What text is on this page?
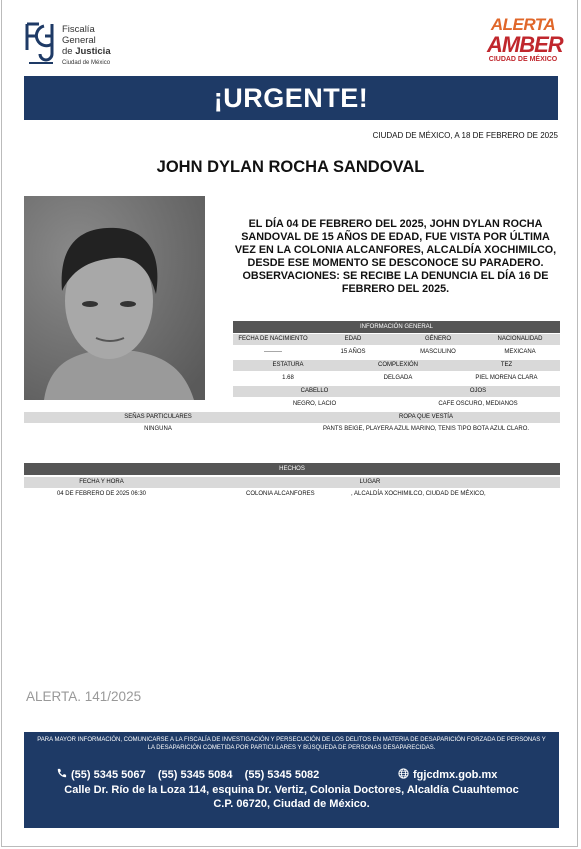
Fiscalía
General
de Justicia
Ciudad de México
ALERTA
AMBER
CIUDAD DE MÉXICO
¡URGENTE!
CIUDAD DE MÉXICO, A 18 DE FEBRERO DE 2025
JOHN DYLAN ROCHA SANDOVAL
EL DÍA 04 DE FEBRERO DEL 2025, JOHN DYLAN ROCHA SANDOVAL DE 15 AÑOS DE EDAD, FUE VISTA POR ÚLTIMA VEZ EN LA COLONIA ALCANFORES, ALCALDÍA XOCHIMILCO, DESDE ESE MOMENTO SE DESCONOCE SU PARADERO. OBSERVACIONES: SE RECIBE LA DENUNCIA EL DÍA 16 DE FEBRERO DEL 2025.
INFORMACIÓN GENERAL
FECHA DE NACIMIENTO	EDAD	GÉNERO	NACIONALIDAD
---------	15 AÑOS	MASCULINO	MEXICANA
ESTATURA	COMPLEXIÓN	TEZ
1.68	DELGADA	PIEL MORENA CLARA
CABELLO	OJOS
NEGRO, LACIO	CAFE OSCURO, MEDIANOS
SEÑAS PARTICULARES	ROPA QUE VESTÍA
NINGUNA	PANTS BEIGE, PLAYERA AZUL MARINO, TENIS TIPO BOTA AZUL CLARO.
HECHOS
FECHA Y HORA	LUGAR
04 DE FEBRERO DE 2025 06:30	COLONIA ALCANFORES	, ALCALDÍA XOCHIMILCO, CIUDAD DE MÉXICO,
ALERTA. 141/2025
PARA MAYOR INFORMACIÓN, COMUNICARSE A LA FISCALÍA DE INVESTIGACIÓN Y PERSECUCIÓN DE LOS DELITOS EN MATERIA DE DESAPARICIÓN FORZADA DE PERSONAS Y LA DESAPARICIÓN COMETIDA POR PARTICULARES Y BÚSQUEDA DE PERSONAS DESAPARECIDAS.
(55) 5345 5067    (55) 5345 5084    (55) 5345 5082	fgjcdmx.gob.mx
Calle Dr. Río de la Loza 114, esquina Dr. Vertiz, Colonia Doctores, Alcaldía Cuauhtemoc
C.P. 06720, Ciudad de México.
